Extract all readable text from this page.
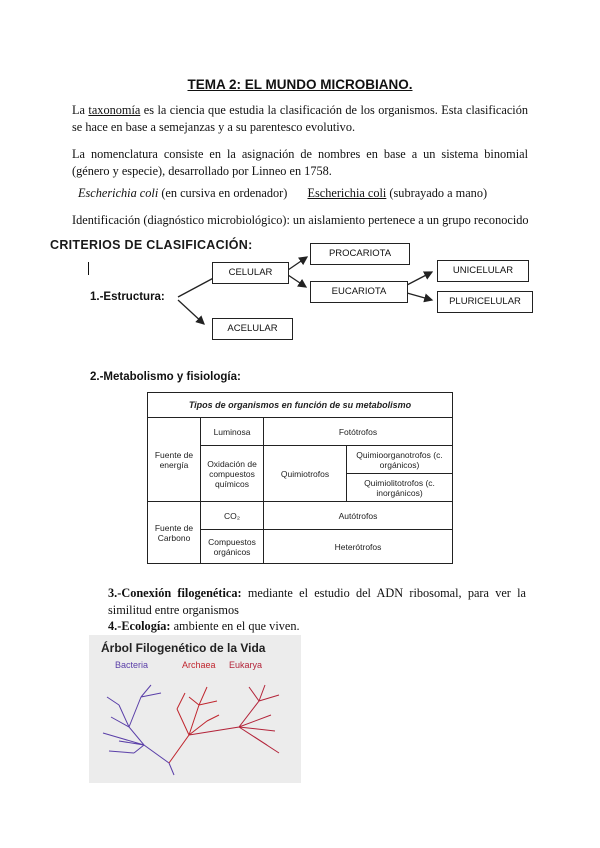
TEMA 2: EL MUNDO MICROBIANO.
La taxonomía es la ciencia que estudia la clasificación de los organismos. Esta clasificación se hace en base a semejanzas y a su parentesco evolutivo.
La nomenclatura consiste en la asignación de nombres en base a un sistema binomial (género y especie), desarrollado por Linneo en 1758.
Escherichia coli (en cursiva en ordenador) Escherichia coli (subrayado a mano)
Identificación (diagnóstico microbiológico): un aislamiento pertenece a un grupo reconocido
CRITERIOS DE CLASIFICACIÓN:
1.-Estructura:
CELULAR
ACELULAR
PROCARIOTA
EUCARIOTA
UNICELULAR
PLURICELULAR
2.-Metabolismo y fisiología:
Tipos de organismos en función de su metabolismo			
Fuente de energía	Luminosa	Fotótrofos	
	Oxidación de compuestos químicos	Quimiotrofos	Quimioorganotrofos (c. orgánicos)
			Quimiolitotrofos (c. inorgánicos)
Fuente de Carbono	CO₂	Autótrofos	
	Compuestos orgánicos	Heterótrofos	
3.-Conexión filogenética: mediante el estudio del ADN ribosomal, para ver la similitud entre organismos
4.-Ecología: ambiente en el que viven.
Árbol Filogenético de la Vida
Bacteria	Archaea Eukarya
